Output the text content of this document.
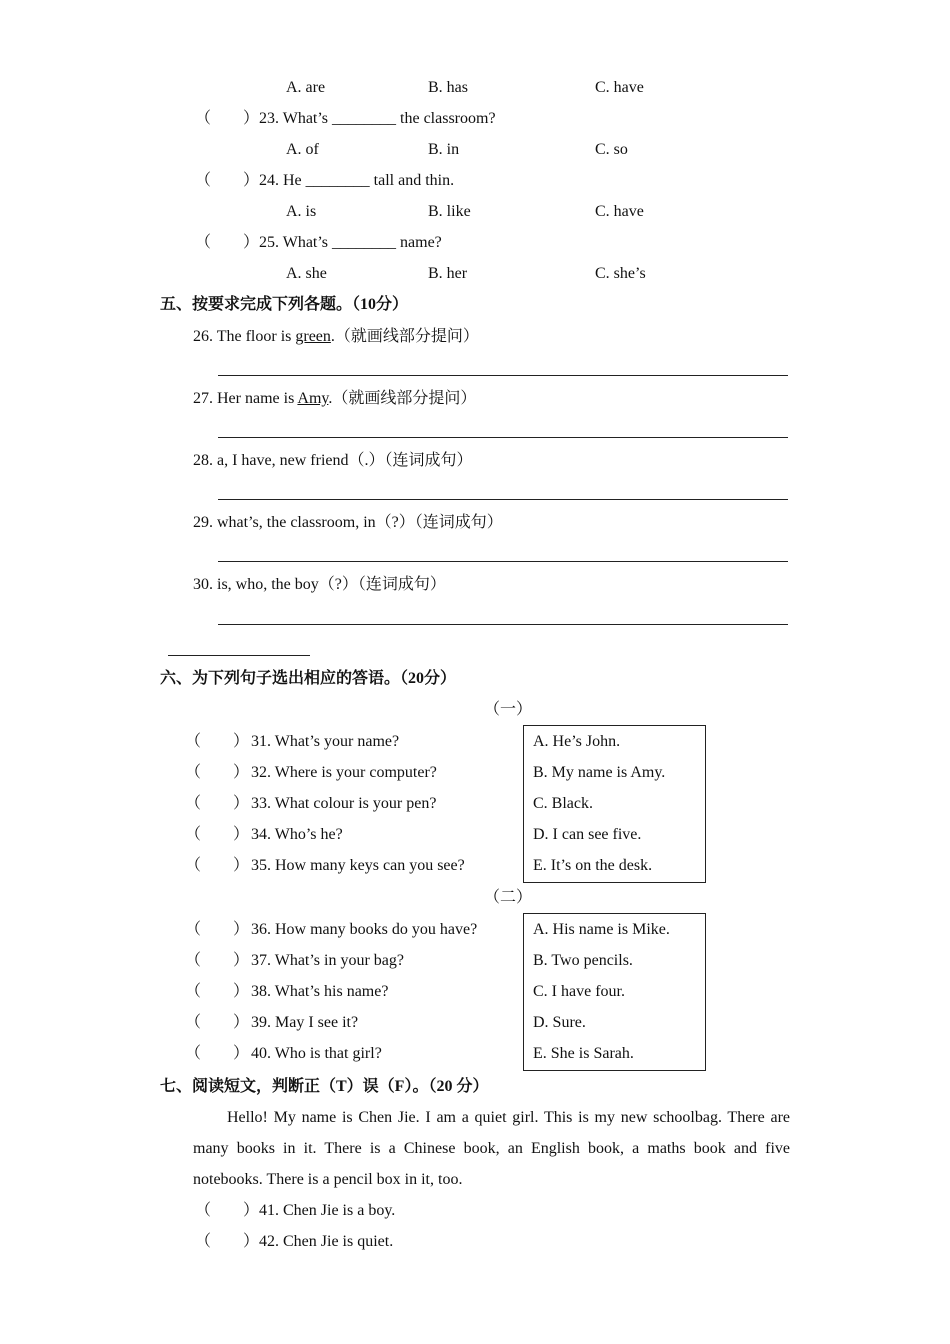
A. are	B. has	C. have
（　　） 23. What’s ________ the classroom?
A. of	B. in	C. so
（　　） 24. He ________ tall and thin.
A. is	B. like	C. have
（　　） 25. What’s ________ name?
A. she	B. her	C. she’s
五、按要求完成下列各题。（10分）
26. The floor is green.（就画线部分提问）
27. Her name is Amy.（就画线部分提问）
28. a, I have, new friend（.）（连词成句）
29. what’s, the classroom, in（?）（连词成句）
30. is, who, the boy（?）（连词成句）
六、为下列句子选出相应的答语。（20分）
（一）
（　　） 31. What’s your name?	A. He’s John.
（　　） 32. Where is your computer?	B. My name is Amy.
（　　） 33. What colour is your pen?	C. Black.
（　　） 34. Who’s he?	D. I can see five.
（　　） 35. How many keys can you see?	E. It’s on the desk.
（二）
（　　） 36. How many books do you have?	A. His name is Mike.
（　　） 37. What’s in your bag?	B. Two pencils.
（　　） 38. What’s his name?	C. I have four.
（　　） 39. May I see it?	D. Sure.
（　　） 40. Who is that girl?	E. She is Sarah.
七、阅读短文，判断正（T）误（F）。（20 分）
Hello! My name is Chen Jie. I am a quiet girl. This is my new schoolbag. There are
many books in it. There is a Chinese book, an English book, a maths book and five
notebooks. There is a pencil box in it, too.
（　　） 41. Chen Jie is a boy.
（　　） 42. Chen Jie is quiet.
